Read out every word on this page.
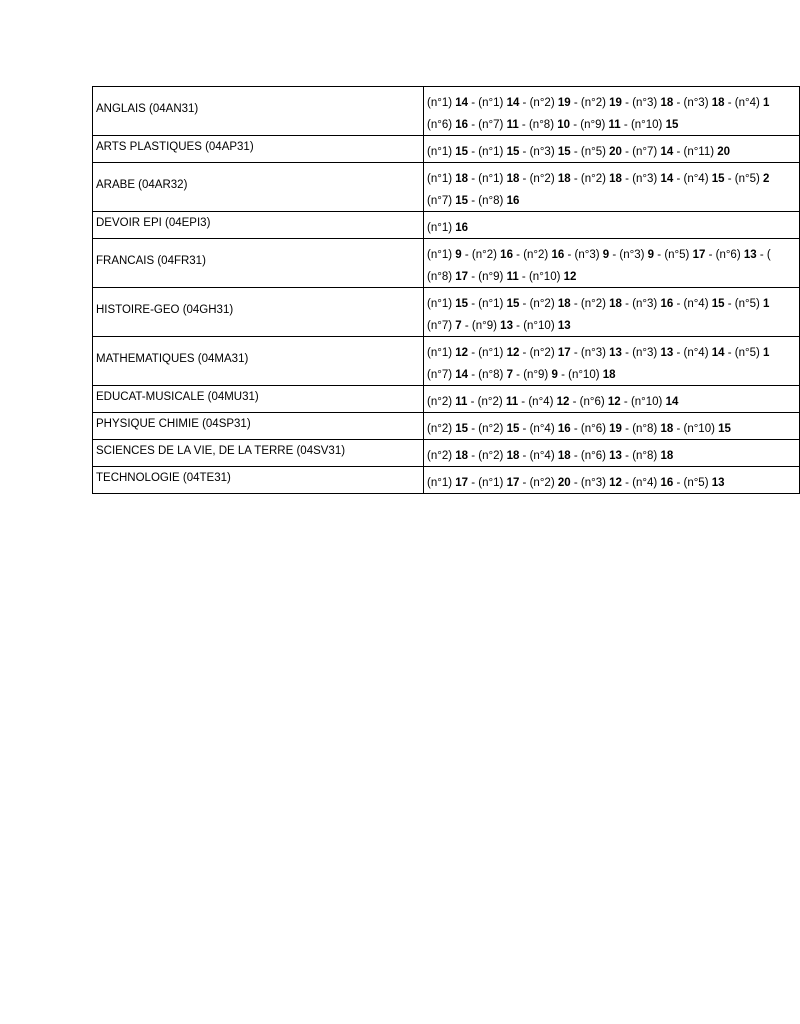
ANGLAIS (04AN31)	(n°1) 14 - (n°1) 14 - (n°2) 19 - (n°2) 19 - (n°3) 18 - (n°3) 18 - (n°4) 1
(n°6) 16 - (n°7) 11 - (n°8) 10 - (n°9) 11 - (n°10) 15

ARTS PLASTIQUES (04AP31)	(n°1) 15 - (n°1) 15 - (n°3) 15 - (n°5) 20 - (n°7) 14 - (n°11) 20

ARABE (04AR32)	(n°1) 18 - (n°1) 18 - (n°2) 18 - (n°2) 18 - (n°3) 14 - (n°4) 15 - (n°5) 2
(n°7) 15 - (n°8) 16

DEVOIR EPI (04EPI3)	(n°1) 16

FRANCAIS (04FR31)	(n°1) 9 - (n°2) 16 - (n°2) 16 - (n°3) 9 - (n°3) 9 - (n°5) 17 - (n°6) 13 - (
(n°8) 17 - (n°9) 11 - (n°10) 12

HISTOIRE-GEO (04GH31)	(n°1) 15 - (n°1) 15 - (n°2) 18 - (n°2) 18 - (n°3) 16 - (n°4) 15 - (n°5) 1
(n°7) 7 - (n°9) 13 - (n°10) 13

MATHEMATIQUES (04MA31)	(n°1) 12 - (n°1) 12 - (n°2) 17 - (n°3) 13 - (n°3) 13 - (n°4) 14 - (n°5) 1
(n°7) 14 - (n°8) 7 - (n°9) 9 - (n°10) 18

EDUCAT-MUSICALE (04MU31)	(n°2) 11 - (n°2) 11 - (n°4) 12 - (n°6) 12 - (n°10) 14

PHYSIQUE CHIMIE (04SP31)	(n°2) 15 - (n°2) 15 - (n°4) 16 - (n°6) 19 - (n°8) 18 - (n°10) 15

SCIENCES DE LA VIE, DE LA TERRE (04SV31)	(n°2) 18 - (n°2) 18 - (n°4) 18 - (n°6) 13 - (n°8) 18

TECHNOLOGIE (04TE31)	(n°1) 17 - (n°1) 17 - (n°2) 20 - (n°3) 12 - (n°4) 16 - (n°5) 13
